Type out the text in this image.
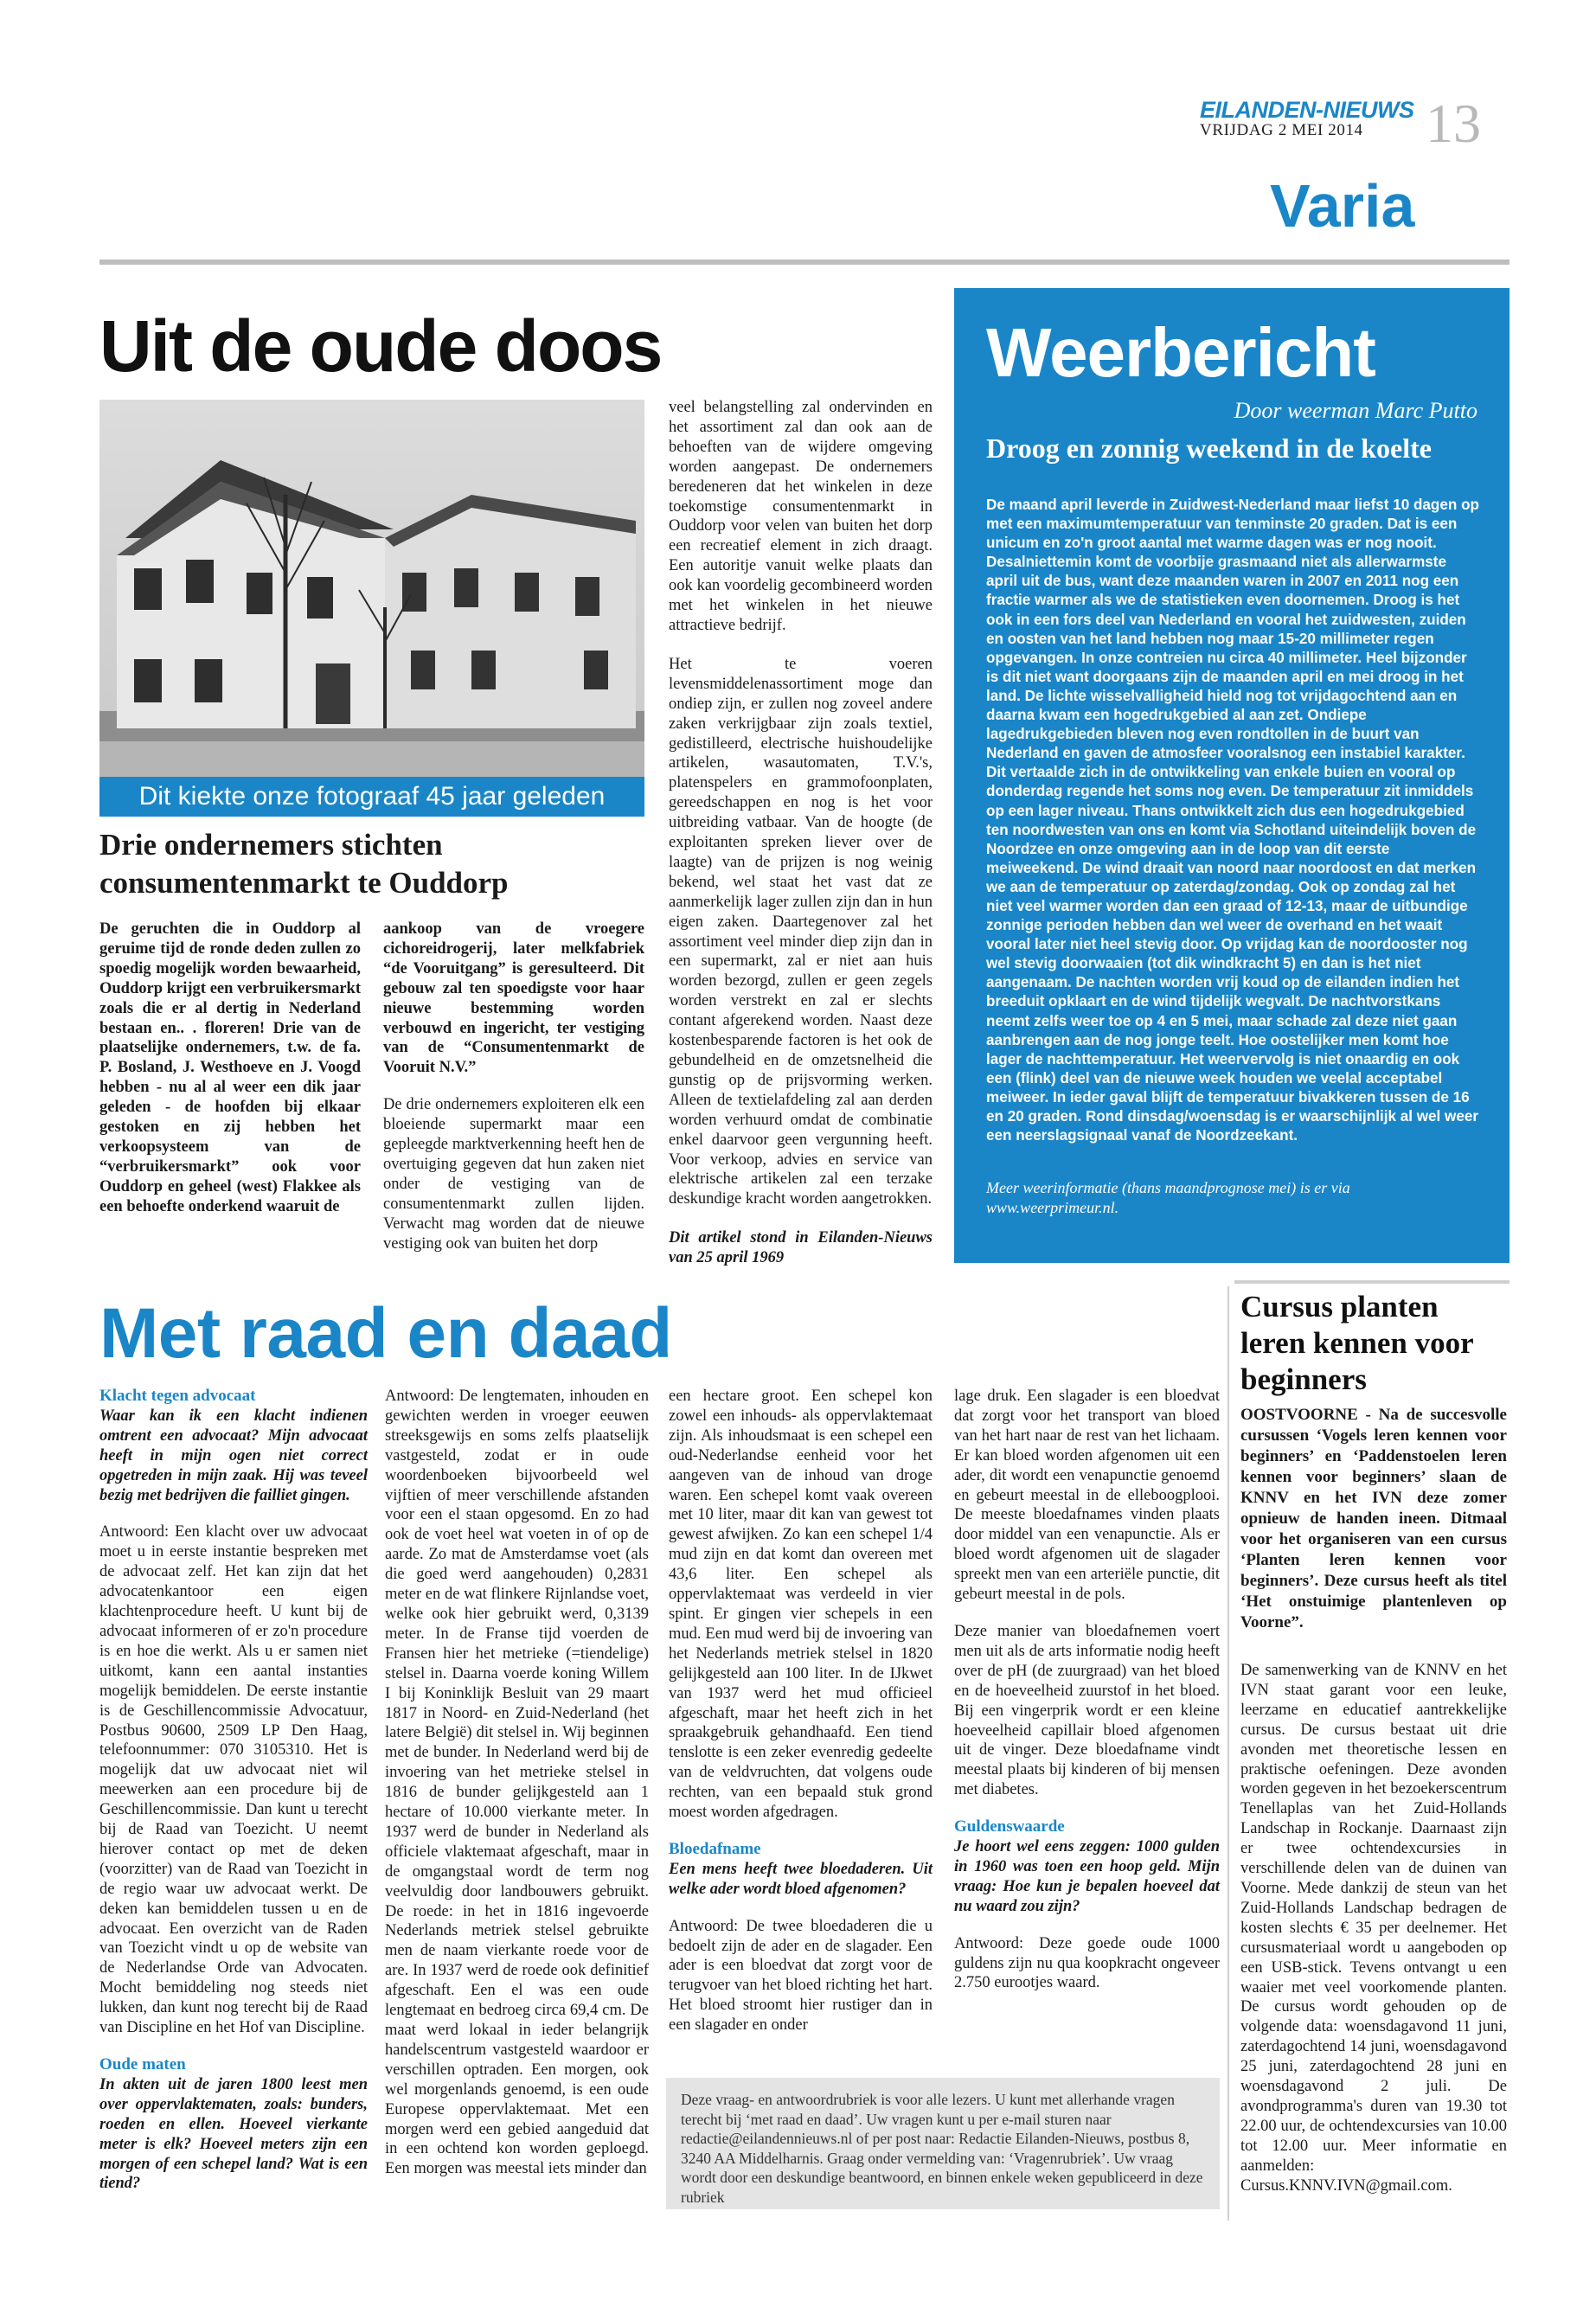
EILANDEN-NIEUWS
VRIJDAG 2 MEI 2014 13
Varia
Uit de oude doos
Dit kiekte onze fotograaf 45 jaar geleden
Drie ondernemers stichten consumentenmarkt te Ouddorp
De geruchten die in Ouddorp al geruime tijd de ronde deden zullen zo spoedig mogelijk worden bewaarheid, Ouddorp krijgt een verbruikersmarkt zoals die er al dertig in Nederland bestaan en.. . floreren! Drie van de plaatselijke ondernemers, t.w. de fa. P. Bosland, J. Westhoeve en J. Voogd hebben - nu al al weer een dik jaar geleden - de hoofden bij elkaar gestoken en zij hebben het verkoopsysteem van de “verbruikersmarkt” ook voor Ouddorp en geheel (west) Flakkee als een behoefte onderkend waaruit de

aankoop van de vroegere cichoreidrogerij, later melkfabriek “de Vooruitgang” is geresulteerd. Dit gebouw zal ten spoedigste voor haar nieuwe bestemming worden verbouwd en ingericht, ter vestiging van de “Consumentenmarkt de Vooruit N.V.”

De drie ondernemers exploiteren elk een bloeiende supermarkt maar een gepleegde marktverkenning heeft hen de overtuiging gegeven dat hun zaken niet onder de vestiging van de consumentenmarkt zullen lijden. Verwacht mag worden dat de nieuwe vestiging ook van buiten het dorp

veel belangstelling zal ondervinden en het assortiment zal dan ook aan de behoeften van de wijdere omgeving worden aangepast. De ondernemers beredeneren dat het winkelen in deze toekomstige consumentenmarkt in Ouddorp voor velen van buiten het dorp een recreatief element in zich draagt. Een autoritje vanuit welke plaats dan ook kan voordelig gecombineerd worden met het winkelen in het nieuwe attractieve bedrijf.

Het te voeren levensmiddelenassortiment moge dan ondiep zijn, er zullen nog zoveel andere zaken verkrijgbaar zijn zoals textiel, gedistilleerd, electrische huishoudelijke artikelen, wasautomaten, T.V.'s, platenspelers en grammofoonplaten, gereedschappen en nog is het voor uitbreiding vatbaar. Van de hoogte (de exploitanten spreken liever over de laagte) van de prijzen is nog weinig bekend, wel staat het vast dat ze aanmerkelijk lager zullen zijn dan in hun eigen zaken. Daartegenover zal het assortiment veel minder diep zijn dan in een supermarkt, zal er niet aan huis worden bezorgd, zullen er geen zegels worden verstrekt en zal er slechts contant afgerekend worden. Naast deze kostenbesparende factoren is het ook de gebundelheid en de omzetsnelheid die gunstig op de prijsvorming werken. Alleen de textielafdeling zal aan derden worden verhuurd omdat de combinatie enkel daarvoor geen vergunning heeft. Voor verkoop, advies en service van elektrische artikelen zal een terzake deskundige kracht worden aangetrokken.

Dit artikel stond in Eilanden-Nieuws van 25 april 1969

Weerbericht
Door weerman Marc Putto
Droog en zonnig weekend in de koelte
De maand april leverde in Zuidwest-Nederland maar liefst 10 dagen op met een maximumtemperatuur van tenminste 20 graden. Dat is een unicum en zo'n groot aantal met warme dagen was er nog nooit. Desalniettemin komt de voorbije grasmaand niet als allerwarmste april uit de bus, want deze maanden waren in 2007 en 2011 nog een fractie warmer als we de statistieken even doornemen. Droog is het ook in een fors deel van Nederland en vooral het zuidwesten, zuiden en oosten van het land hebben nog maar 15-20 millimeter regen opgevangen. In onze contreien nu circa 40 millimeter. Heel bijzonder is dit niet want doorgaans zijn de maanden april en mei droog in het land. De lichte wisselvalligheid hield nog tot vrijdagochtend aan en daarna kwam een hogedrukgebied al aan zet. Ondiepe lagedrukgebieden bleven nog even rondtollen in de buurt van Nederland en gaven de atmosfeer vooralsnog een instabiel karakter. Dit vertaalde zich in de ontwikkeling van enkele buien en vooral op donderdag regende het soms nog even. De temperatuur zit inmiddels op een lager niveau. Thans ontwikkelt zich dus een hogedrukgebied ten noordwesten van ons en komt via Schotland uiteindelijk boven de Noordzee en onze omgeving aan in de loop van dit eerste meiweekend. De wind draait van noord naar noordoost en dat merken we aan de temperatuur op zaterdag/zondag. Ook op zondag zal het niet veel warmer worden dan een graad of 12-13, maar de uitbundige zonnige perioden hebben dan wel weer de overhand en het waait vooral later niet heel stevig door. Op vrijdag kan de noordooster nog wel stevig doorwaaien (tot dik windkracht 5) en dan is het niet aangenaam. De nachten worden vrij koud op de eilanden indien het breeduit opklaart en de wind tijdelijk wegvalt. De nachtvorstkans neemt zelfs weer toe op 4 en 5 mei, maar schade zal deze niet gaan aanbrengen aan de nog jonge teelt. Hoe oostelijker men komt hoe lager de nachttemperatuur. Het weervervolg is niet onaardig en ook een (flink) deel van de nieuwe week houden we veelal acceptabel meiweer. In ieder gaval blijft de temperatuur bivakkeren tussen de 16 en 20 graden. Rond dinsdag/woensdag is er waarschijnlijk al wel weer een neerslagsignaal vanaf de Noordzeekant.
Meer weerinformatie (thans maandprognose mei) is er via www.weerprimeur.nl.
Met raad en daad

Klacht tegen advocaat

Waar kan ik een klacht indienen omtrent een advocaat? Mijn advocaat heeft in mijn ogen niet correct opgetreden in mijn zaak. Hij was teveel bezig met bedrijven die failliet gingen.

Antwoord: Een klacht over uw advocaat moet u in eerste instantie bespreken met de advocaat zelf. Het kan zijn dat het advocatenkantoor een eigen klachtenprocedure heeft. U kunt bij de advocaat informeren of er zo'n procedure is en hoe die werkt. Als u er samen niet uitkomt, kann een aantal instanties mogelijk bemiddelen. De eerste instantie is de Geschillencommissie Advocatuur, Postbus 90600, 2509 LP Den Haag, telefoonnummer: 070 3105310. Het is mogelijk dat uw advocaat niet wil meewerken aan een procedure bij de Geschillencommissie. Dan kunt u terecht bij de Raad van Toezicht. U neemt hierover contact op met de deken (voorzitter) van de Raad van Toezicht in de regio waar uw advocaat werkt. De deken kan bemiddelen tussen u en de advocaat. Een overzicht van de Raden van Toezicht vindt u op de website van de Nederlandse Orde van Advocaten. Mocht bemiddeling nog steeds niet lukken, dan kunt nog terecht bij de Raad van Discipline en het Hof van Discipline.

Oude maten

In akten uit de jaren 1800 leest men over oppervlaktematen, zoals: bunders, roeden en ellen. Hoeveel vierkante meter is elk? Hoeveel meters zijn een morgen of een schepel land? Wat is een tiend?

Antwoord: De lengtematen, inhouden en gewichten werden in vroeger eeuwen streeksgewijs en soms zelfs plaatselijk vastgesteld, zodat er in oude woordenboeken bijvoorbeeld wel vijftien of meer verschillende afstanden voor een el staan opgesomd. En zo had ook de voet heel wat voeten in of op de aarde. Zo mat de Amsterdamse voet (als die goed werd aangehouden) 0,2831 meter en de wat flinkere Rijnlandse voet, welke ook hier gebruikt werd, 0,3139 meter. In de Franse tijd voerden de Fransen hier het metrieke (=tiendelige) stelsel in. Daarna voerde koning Willem I bij Koninklijk Besluit van 29 maart 1817 in Noord- en Zuid-Nederland (het latere België) dit stelsel in. Wij beginnen met de bunder. In Nederland werd bij de invoering van het metrieke stelsel in 1816 de bunder gelijkgesteld aan 1 hectare of 10.000 vierkante meter. In 1937 werd de bunder in Nederland als officiele vlaktemaat afgeschaft, maar in de omgangstaal wordt de term nog veelvuldig door landbouwers gebruikt. De roede: in het in 1816 ingevoerde Nederlands metriek stelsel gebruikte men de naam vierkante roede voor de are. In 1937 werd de roede ook definitief afgeschaft. Een el was een oude lengtemaat en bedroeg circa 69,4 cm. De maat werd lokaal in ieder belangrijk handelscentrum vastgesteld waardoor er verschillen optraden. Een morgen, ook wel morgenlands genoemd, is een oude Europese oppervlaktemaat. Met een morgen werd een gebied aangeduid dat in een ochtend kon worden geploegd. Een morgen was meestal iets minder dan

een hectare groot. Een schepel kon zowel een inhouds- als oppervlaktemaat zijn. Als inhoudsmaat is een schepel een oud-Nederlandse eenheid voor het aangeven van de inhoud van droge waren. Een schepel komt vaak overeen met 10 liter, maar dit kan van gewest tot gewest afwijken. Zo kan een schepel 1/4 mud zijn en dat komt dan overeen met 43,6 liter. Een schepel als oppervlaktemaat was verdeeld in vier spint. Er gingen vier schepels in een mud. Een mud werd bij de invoering van het Nederlands metriek stelsel in 1820 gelijkgesteld aan 100 liter. In de IJkwet van 1937 werd het mud officieel afgeschaft, maar het heeft zich in het spraakgebruik gehandhaafd. Een tiend tenslotte is een zeker evenredig gedeelte van de veldvruchten, dat volgens oude rechten, van een bepaald stuk grond moest worden afgedragen.

Bloedafname

Een mens heeft twee bloedaderen. Uit welke ader wordt bloed afgenomen?

Antwoord: De twee bloedaderen die u bedoelt zijn de ader en de slagader. Een ader is een bloedvat dat zorgt voor de terugvoer van het bloed richting het hart. Het bloed stroomt hier rustiger dan in een slagader en onder

lage druk. Een slagader is een bloedvat dat zorgt voor het transport van bloed van het hart naar de rest van het lichaam. Er kan bloed worden afgenomen uit een ader, dit wordt een venapunctie genoemd en gebeurt meestal in de elleboogplooi. De meeste bloedafnames vinden plaats door middel van een venapunctie. Als er bloed wordt afgenomen uit de slagader spreekt men van een arteriële punctie, dit gebeurt meestal in de pols.

Deze manier van bloedafnemen voert men uit als de arts informatie nodig heeft over de pH (de zuurgraad) van het bloed en de hoeveelheid zuurstof in het bloed. Bij een vingerprik wordt er een kleine hoeveelheid capillair bloed afgenomen uit de vinger. Deze bloedafname vindt meestal plaats bij kinderen of bij mensen met diabetes.

Guldenswaarde

Je hoort wel eens zeggen: 1000 gulden in 1960 was toen een hoop geld. Mijn vraag: Hoe kun je bepalen hoeveel dat nu waard zou zijn?

Antwoord: Deze goede oude 1000 guldens zijn nu qua koopkracht ongeveer 2.750 eurootjes waard.

Deze vraag- en antwoordrubriek is voor alle lezers. U kunt met allerhande vragen terecht bij ‘met raad en daad’. Uw vragen kunt u per e-mail sturen naar redactie@eilandennieuws.nl of per post naar: Redactie Eilanden-Nieuws, postbus 8, 3240 AA Middelharnis. Graag onder vermelding van: ‘Vragenrubriek’. Uw vraag wordt door een deskundige beantwoord, en binnen enkele weken gepubliceerd in deze rubriek
Cursus planten leren kennen voor beginners
OOSTVOORNE - Na de succesvolle cursussen ‘Vogels leren kennen voor beginners’ en ‘Paddenstoelen leren kennen voor beginners’ slaan de KNNV en het IVN deze zomer opnieuw de handen ineen. Ditmaal voor het organiseren van een cursus ‘Planten leren kennen voor beginners’. Deze cursus heeft als titel ‘Het onstuimige plantenleven op Voorne”.
De samenwerking van de KNNV en het IVN staat garant voor een leuke, leerzame en educatief aantrekkelijke cursus. De cursus bestaat uit drie avonden met theoretische lessen en praktische oefeningen. Deze avonden worden gegeven in het bezoekerscentrum Tenellaplas van het Zuid-Hollands Landschap in Rockanje. Daarnaast zijn er twee ochtendexcursies in verschillende delen van de duinen van Voorne. Mede dankzij de steun van het Zuid-Hollands Landschap bedragen de kosten slechts € 35 per deelnemer. Het cursusmateriaal wordt u aangeboden op een USB-stick. Tevens ontvangt u een waaier met veel voorkomende planten. De cursus wordt gehouden op de volgende data: woensdagavond 11 juni, zaterdagochtend 14 juni, woensdagavond 25 juni, zaterdagochtend 28 juni en woensdagavond 2 juli. De avondprogramma's duren van 19.30 tot 22.00 uur, de ochtendexcursies van 10.00 tot 12.00 uur. Meer informatie en aanmelden: Cursus.KNNV.IVN@gmail.com.
